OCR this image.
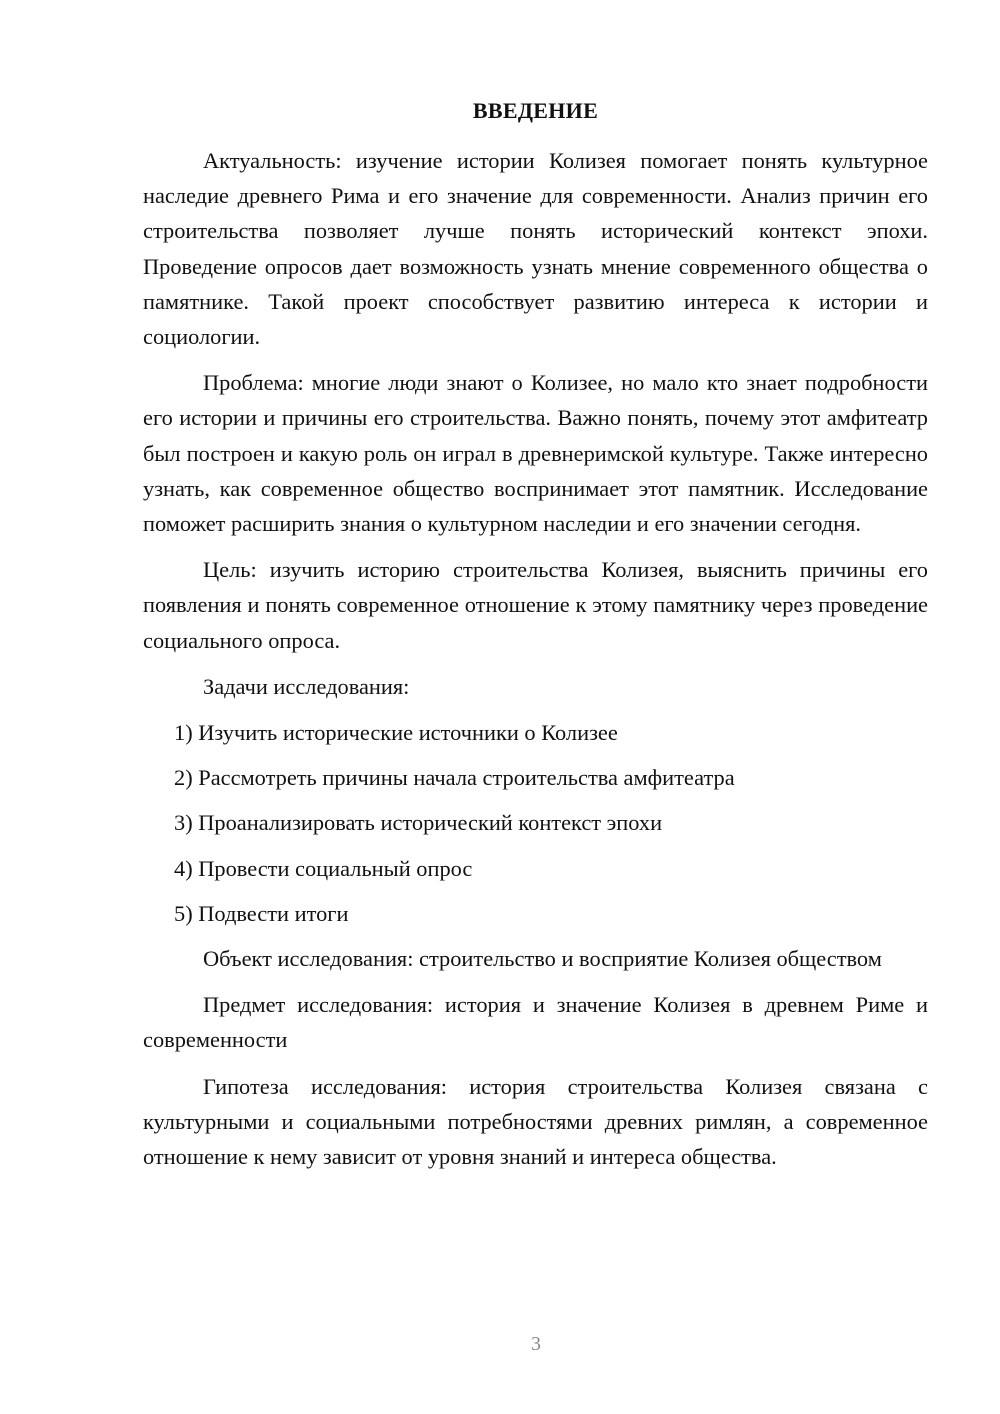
ВВЕДЕНИЕ

Актуальность: изучение истории Колизея помогает понять культурное наследие древнего Рима и его значение для современности. Анализ причин его строительства позволяет лучше понять исторический контекст эпохи. Проведение опросов дает возможность узнать мнение современного общества о памятнике. Такой проект способствует развитию интереса к истории и социологии.

Проблема: многие люди знают о Колизее, но мало кто знает подробности его истории и причины его строительства. Важно понять, почему этот амфитеатр был построен и какую роль он играл в древнеримской культуре. Также интересно узнать, как современное общество воспринимает этот памятник. Исследование поможет расширить знания о культурном наследии и его значении сегодня.

Цель: изучить историю строительства Колизея, выяснить причины его появления и понять современное отношение к этому памятнику через проведение социального опроса.

Задачи исследования:

1) Изучить исторические источники о Колизее

2) Рассмотреть причины начала строительства амфитеатра

3) Проанализировать исторический контекст эпохи

4) Провести социальный опрос

5) Подвести итоги

Объект исследования: строительство и восприятие Колизея обществом

Предмет исследования: история и значение Колизея в древнем Риме и современности

Гипотеза исследования: история строительства Колизея связана с культурными и социальными потребностями древних римлян, а современное отношение к нему зависит от уровня знаний и интереса общества.

3
